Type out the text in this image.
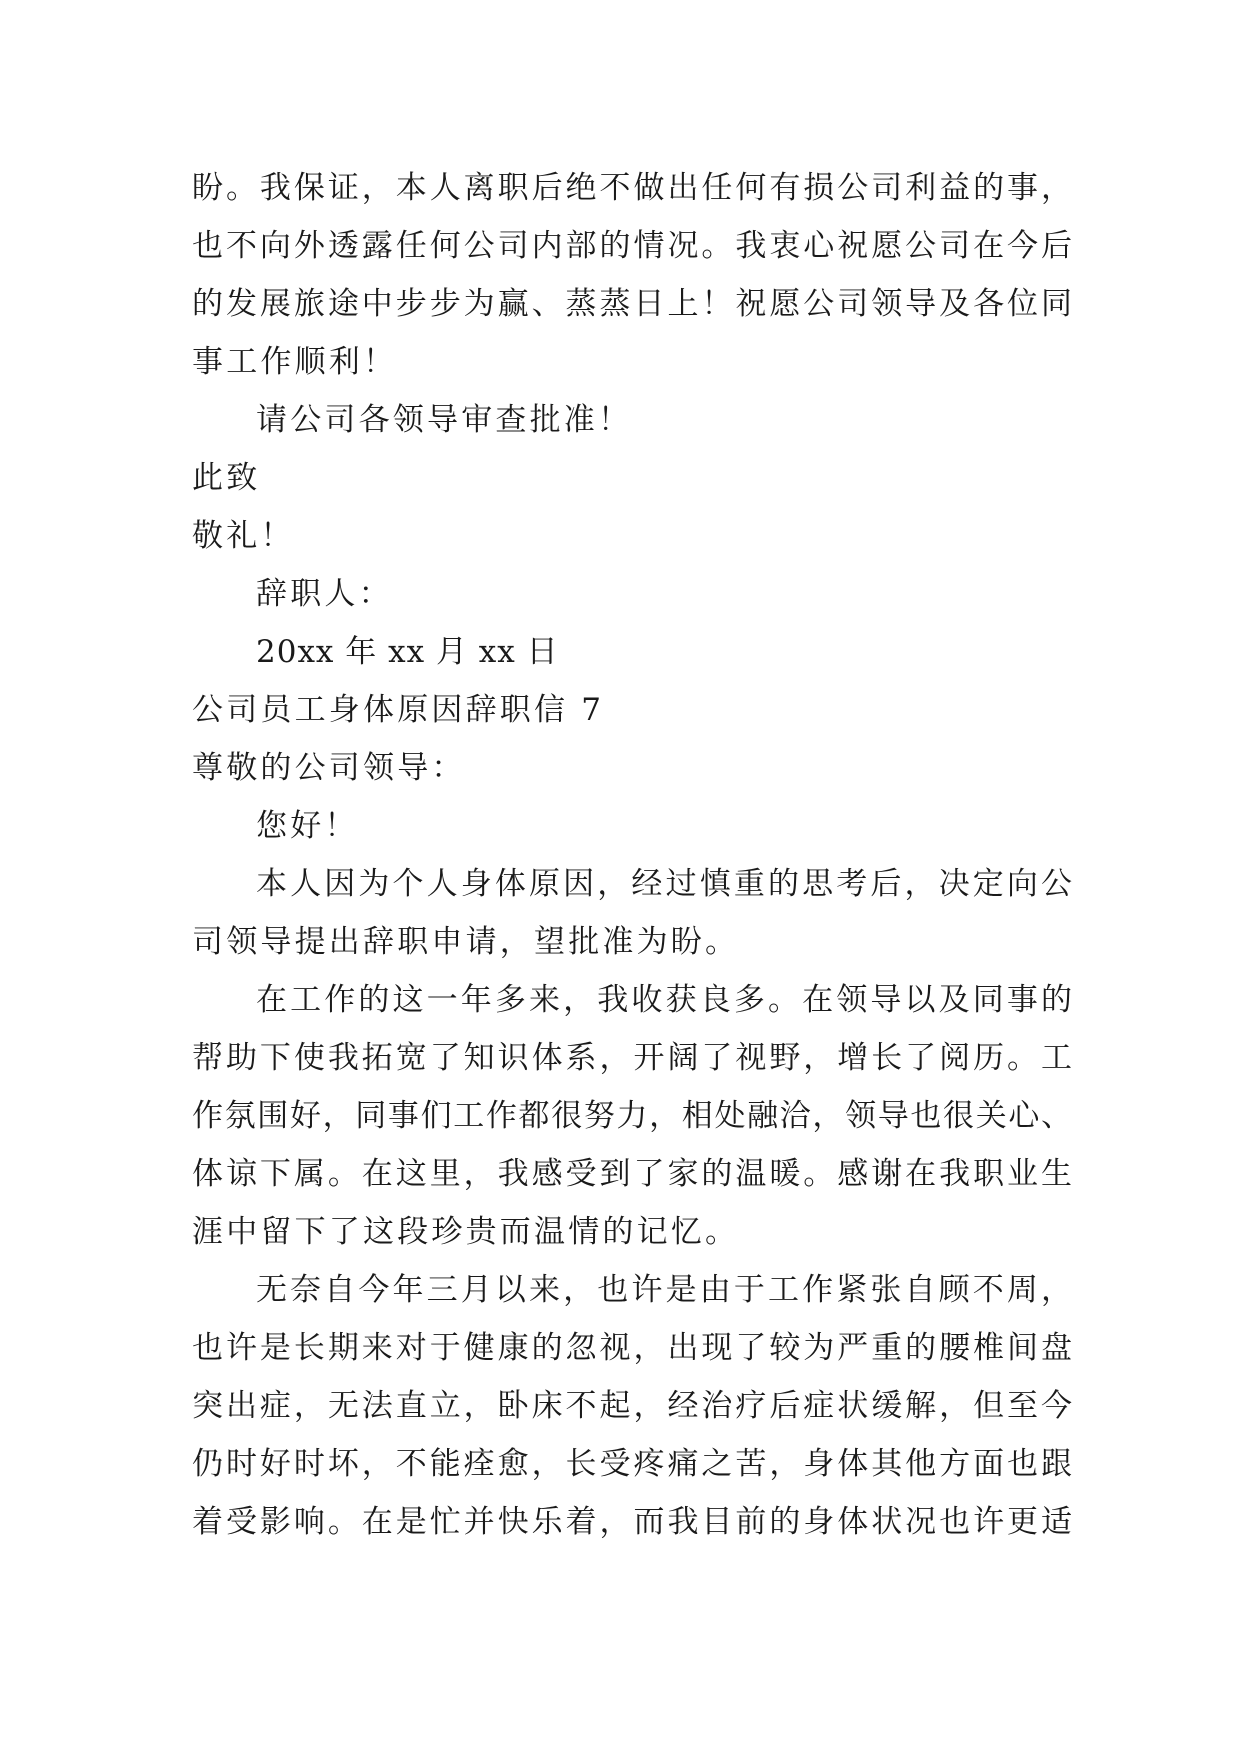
盼。我保证，本人离职后绝不做出任何有损公司利益的事，
也不向外透露任何公司内部的情况。我衷心祝愿公司在今后
的发展旅途中步步为赢、蒸蒸日上！祝愿公司领导及各位同
事工作顺利！
请公司各领导审查批准！
此致
敬礼！
辞职人：
20xx 年 xx 月 xx 日
公司员工身体原因辞职信 7
尊敬的公司领导：
您好！
本人因为个人身体原因，经过慎重的思考后，决定向公
司领导提出辞职申请，望批准为盼。
在工作的这一年多来，我收获良多。在领导以及同事的
帮助下使我拓宽了知识体系，开阔了视野，增长了阅历。工
作氛围好，同事们工作都很努力，相处融洽，领导也很关心、
体谅下属。在这里，我感受到了家的温暖。感谢在我职业生
涯中留下了这段珍贵而温情的记忆。
无奈自今年三月以来，也许是由于工作紧张自顾不周，
也许是长期来对于健康的忽视，出现了较为严重的腰椎间盘
突出症，无法直立，卧床不起，经治疗后症状缓解，但至今
仍时好时坏，不能痊愈，长受疼痛之苦，身体其他方面也跟
着受影响。在是忙并快乐着，而我目前的身体状况也许更适
